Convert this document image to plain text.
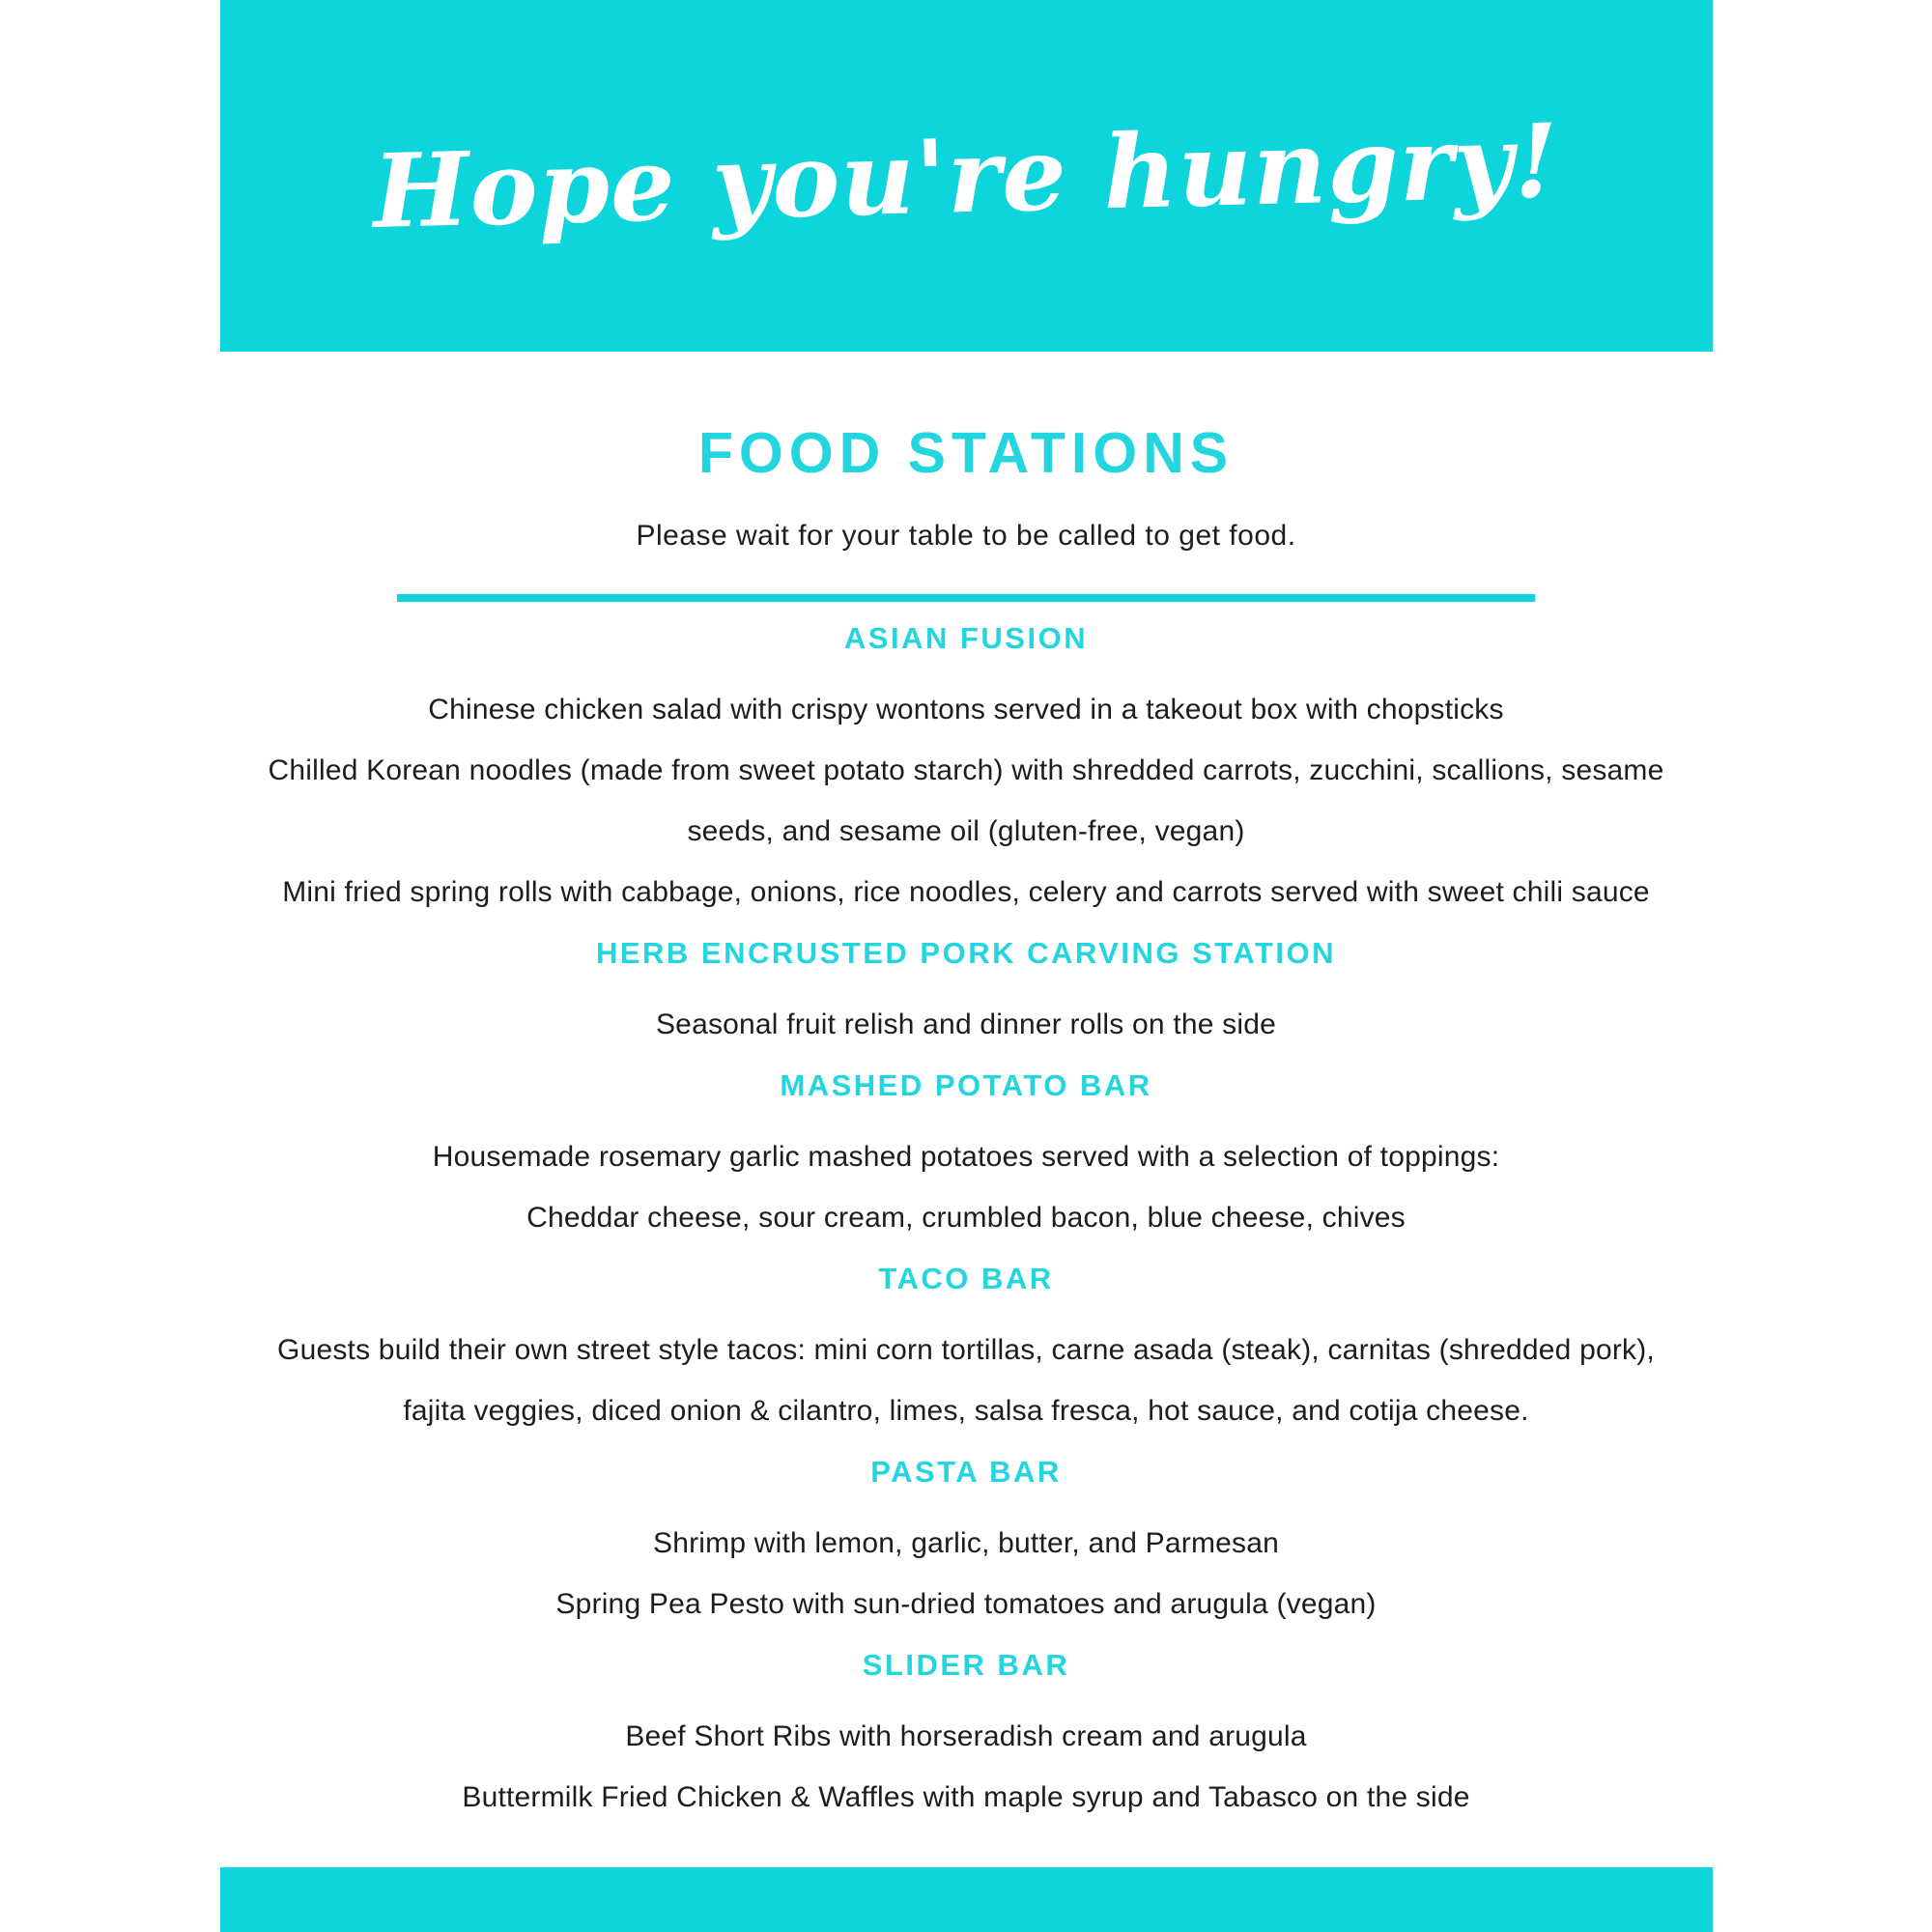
Hope you're hungry!
FOOD STATIONS
Please wait for your table to be called to get food.
ASIAN FUSION
Chinese chicken salad with crispy wontons served in a takeout box with chopsticks
Chilled Korean noodles (made from sweet potato starch) with shredded carrots, zucchini, scallions, sesame
seeds, and sesame oil (gluten-free, vegan)
Mini fried spring rolls with cabbage, onions, rice noodles, celery and carrots served with sweet chili sauce
HERB ENCRUSTED PORK CARVING STATION
Seasonal fruit relish and dinner rolls on the side
MASHED POTATO BAR
Housemade rosemary garlic mashed potatoes served with a selection of toppings:
Cheddar cheese, sour cream, crumbled bacon, blue cheese, chives
TACO BAR
Guests build their own street style tacos: mini corn tortillas, carne asada (steak), carnitas (shredded pork),
fajita veggies, diced onion & cilantro, limes, salsa fresca, hot sauce, and cotija cheese.
PASTA BAR
Shrimp with lemon, garlic, butter, and Parmesan
Spring Pea Pesto with sun-dried tomatoes and arugula (vegan)
SLIDER BAR
Beef Short Ribs with horseradish cream and arugula
Buttermilk Fried Chicken & Waffles with maple syrup and Tabasco on the side
